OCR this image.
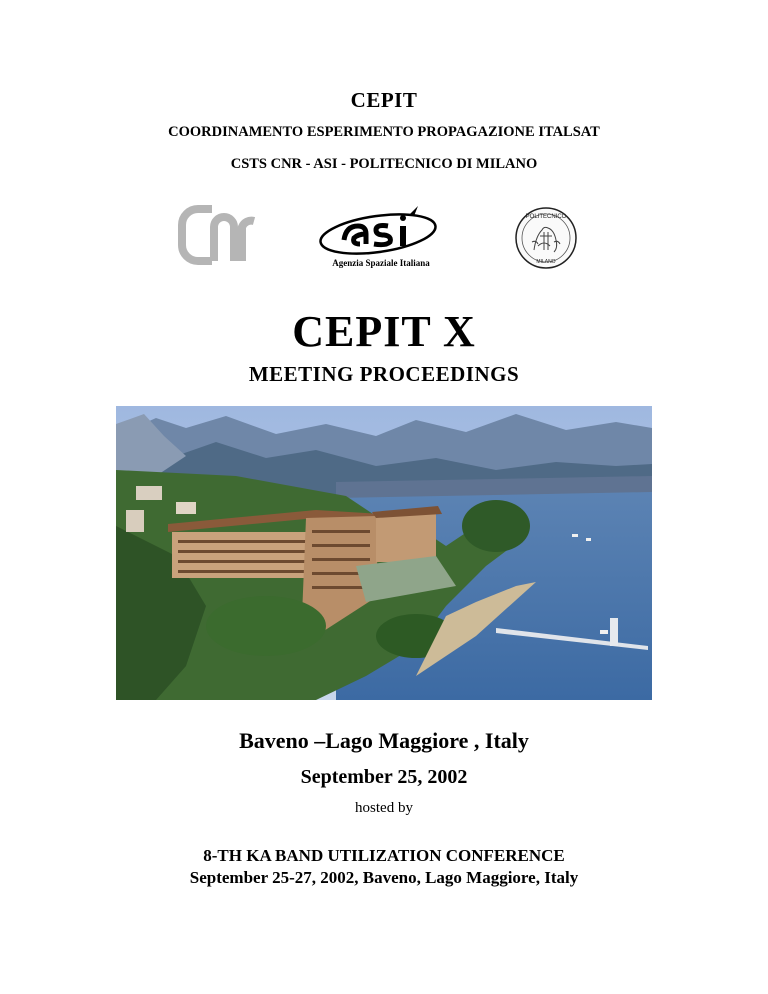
CEPIT
COORDINAMENTO ESPERIMENTO PROPAGAZIONE ITALSAT
CSTS CNR - ASI - POLITECNICO DI MILANO
Agenzia Spaziale Italiana
POLITECNICO
MILANO
CEPIT X
MEETING PROCEEDINGS
Baveno –Lago Maggiore , Italy
September 25, 2002
hosted by
8-TH KA BAND UTILIZATION CONFERENCE
September 25-27, 2002, Baveno, Lago Maggiore, Italy
